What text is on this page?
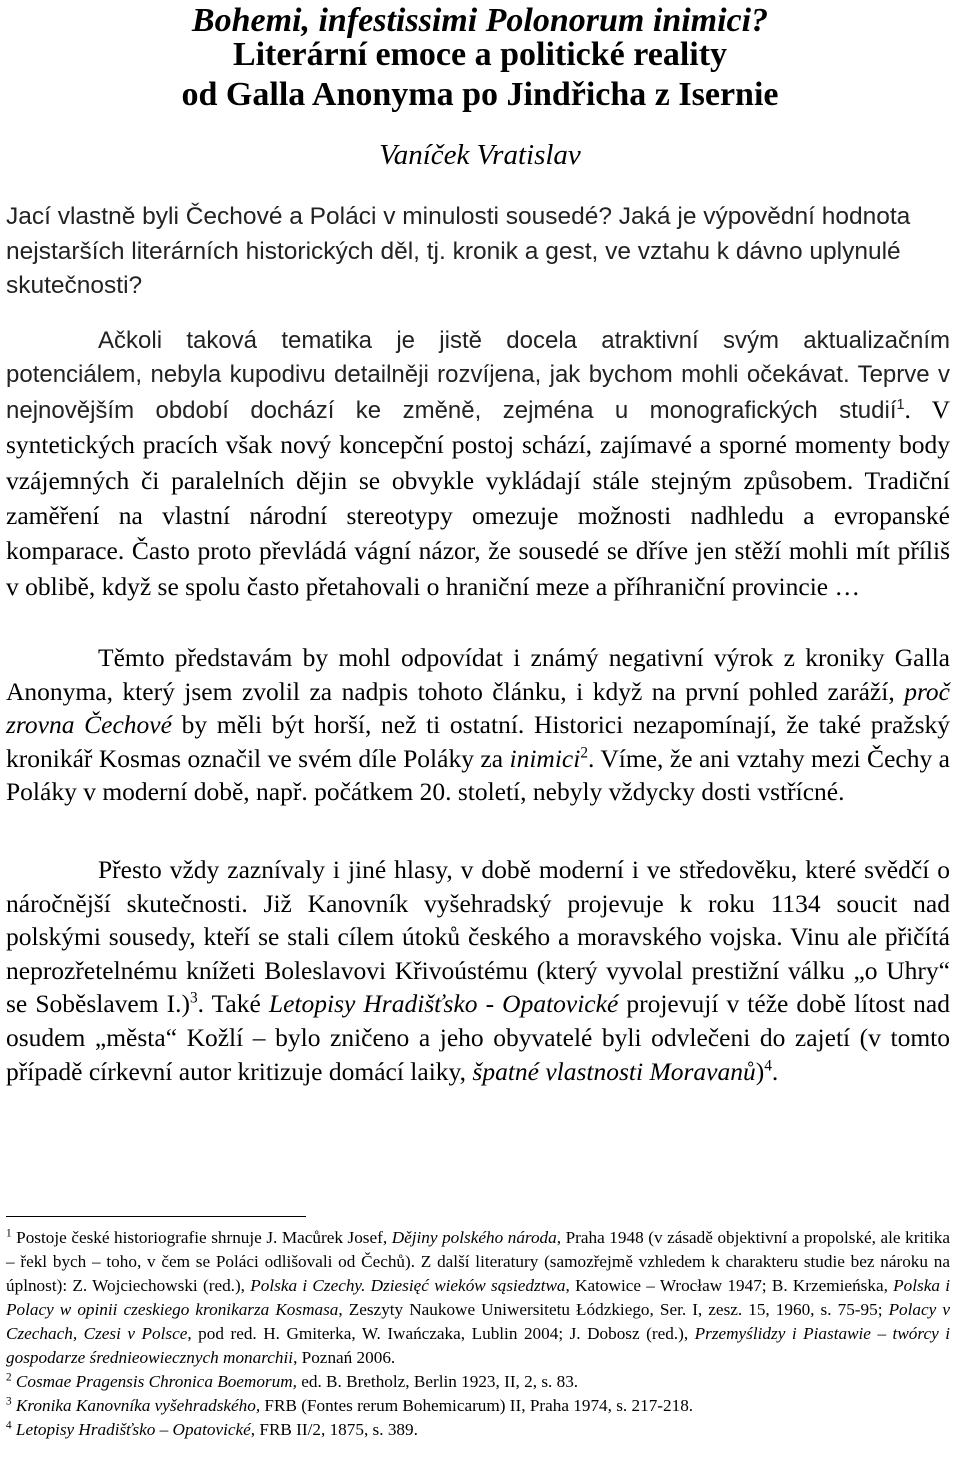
Bohemi, infestissimi Polonorum inimici?
Literární emoce a politické reality
od Galla Anonyma po Jindřicha z Isernie
Vaníček Vratislav
Jací vlastně byli Čechové a Poláci v minulosti sousedé? Jaká je výpovědní hodnota nejstarších literárních historických děl, tj. kronik a gest, ve vztahu k dávno uplynulé skutečnosti?

Ačkoli taková tematika je jistě docela atraktivní svým aktualizačním potenciálem, nebyla kupodivu detailněji rozvíjena, jak bychom mohli očekávat. Teprve v nejnovějším období dochází ke změně, zejména u monografických studií$^1$. V syntetických pracích však nový koncepční postoj schází, zajímavé a sporné momenty body vzájemných či paralelních dějin se obvykle vykládají stále stejným způsobem. Tradiční zaměření na vlastní národní stereotypy omezuje možnosti nadhledu a evropanské komparace. Často proto převládá vágní názor, že sousedé se dříve jen stěží mohli mít příliš v oblibě, když se spolu často přetahovali o hraniční meze a příhraniční provincie …

Těmto představám by mohl odpovídat i známý negativní výrok z kroniky Galla Anonyma, který jsem zvolil za nadpis tohoto článku, i když na první pohled zaráží, proč zrovna Čechové by měli být horší, než ti ostatní. Historici nezapomínají, že také pražský kronikář Kosmas označil ve svém díle Poláky za inimici$^2$. Víme, že ani vztahy mezi Čechy a Poláky v moderní době, např. počátkem 20. století, nebyly vždycky dosti vstřícné.

Přesto vždy zaznívaly i jiné hlasy, v době moderní i ve středověku, které svědčí o náročnější skutečnosti. Již Kanovník vyšehradský projevuje k roku 1134 soucit nad polskými sousedy, kteří se stali cílem útoků českého a moravského vojska. Vinu ale přičítá neprozřetelnému knížeti Boleslavovi Křivoústému (který vyvolal prestižní válku „o Uhry“ se Soběslavem I.)$^3$. Také Letopisy Hradišťsko - Opatovické projevují v téže době lítost nad osudem „města“ Kožlí – bylo zničeno a jeho obyvatelé byli odvlečeni do zajetí (v tomto případě církevní autor kritizuje domácí laiky, špatné vlastnosti Moravanů)$^4$.

$^1$ Postoje české historiografie shrnuje J. Macůrek Josef, Dějiny polského národa, Praha 1948 (v zásadě objektivní a propolské, ale kritika – řekl bych – toho, v čem se Poláci odlišovali od Čechů). Z další literatury (samozřejmě vzhledem k charakteru studie bez nároku na úplnost): Z. Wojciechowski (red.), Polska i Czechy. Dziesięć wieków sąsiedztwa, Katowice – Wrocław 1947; B. Krzemieńska, Polska i Polacy w opinii czeskiego kronikarza Kosmasa, Zeszyty Naukowe Uniwersitetu Łódzkiego, Ser. I, zesz. 15, 1960, s. 75-95; Polacy v Czechach, Czesi v Polsce, pod red. H. Gmiterka, W. Iwańczaka, Lublin 2004; J. Dobosz (red.), Przemyślidzy i Piastawie – twórcy i gospodarze średnieowiecznych monarchii, Poznań 2006.

$^2$ Cosmae Pragensis Chronica Boemorum, ed. B. Bretholz, Berlin 1923, II, 2, s. 83.

$^3$ Kronika Kanovníka vyšehradského, FRB (Fontes rerum Bohemicarum) II, Praha 1974, s. 217-218.

$^4$ Letopisy Hradišťsko – Opatovické, FRB II/2, 1875, s. 389.
